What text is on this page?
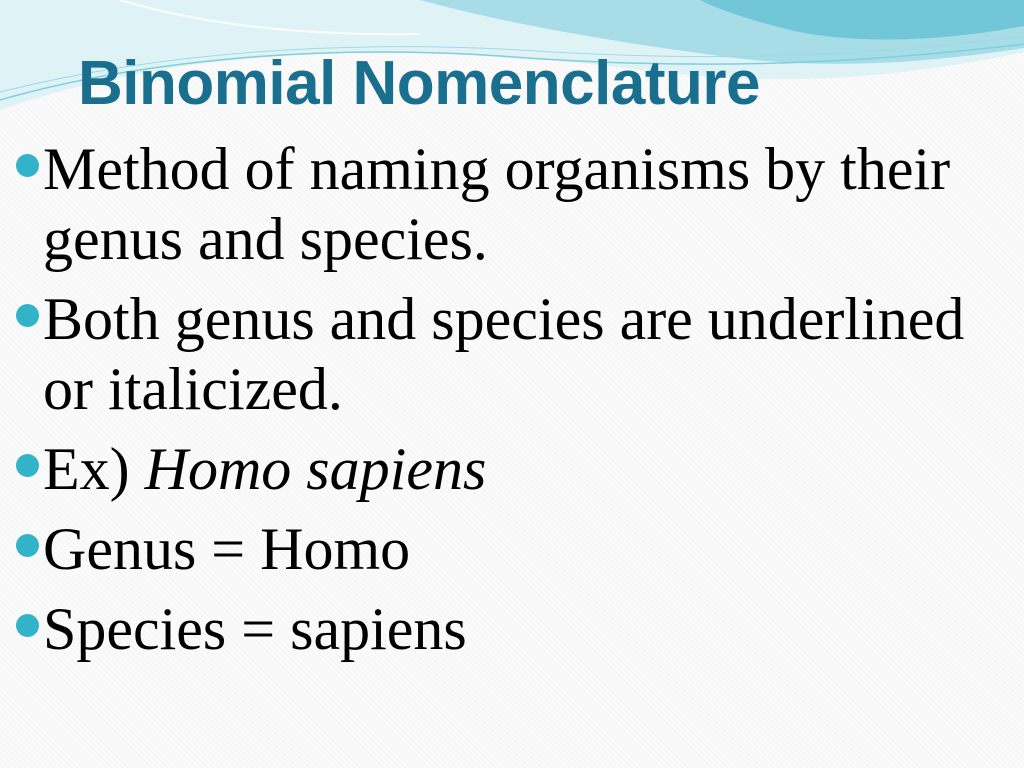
Binomial Nomenclature
Method of naming organisms by their genus and species.
Both genus and species are underlined or italicized.
Ex) Homo sapiens
Genus = Homo
Species = sapiens
